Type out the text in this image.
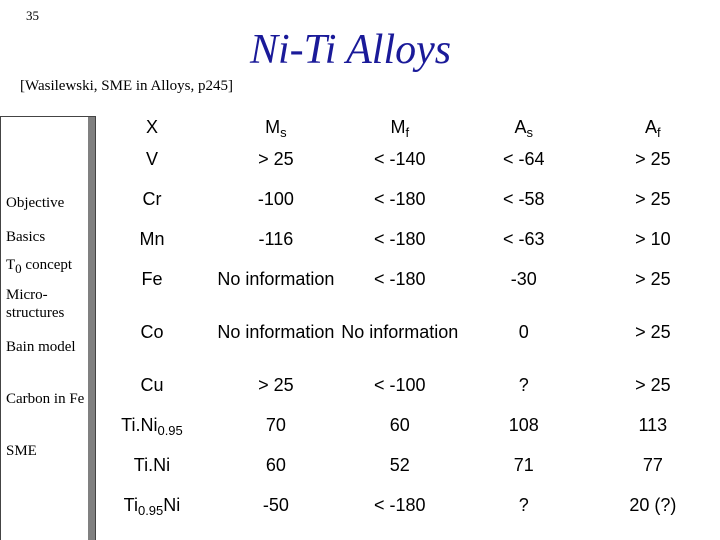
35
Ni-Ti Alloys
[Wasilewski, SME in Alloys, p245]
Objective
Basics
T0 concept
Micro-structures
Bain model
Carbon in Fe
SME
X	$M_s$	$M_f$	$A_s$	$A_f$
V	> 25	< -140	< -64	> 25
Cr	-100	< -180	< -58	> 25
Mn	-116	< -180	< -63	> 10
Fe	No information	< -180	-30	> 25
Co	No information	No information	0	> 25
Cu	> 25	< -100	?	> 25
$Ti.Ni_{0.95}$	70	60	108	113
Ti.Ni	60	52	71	77
$Ti_{0.95}Ni$	-50	< -180	?	20 (?)
